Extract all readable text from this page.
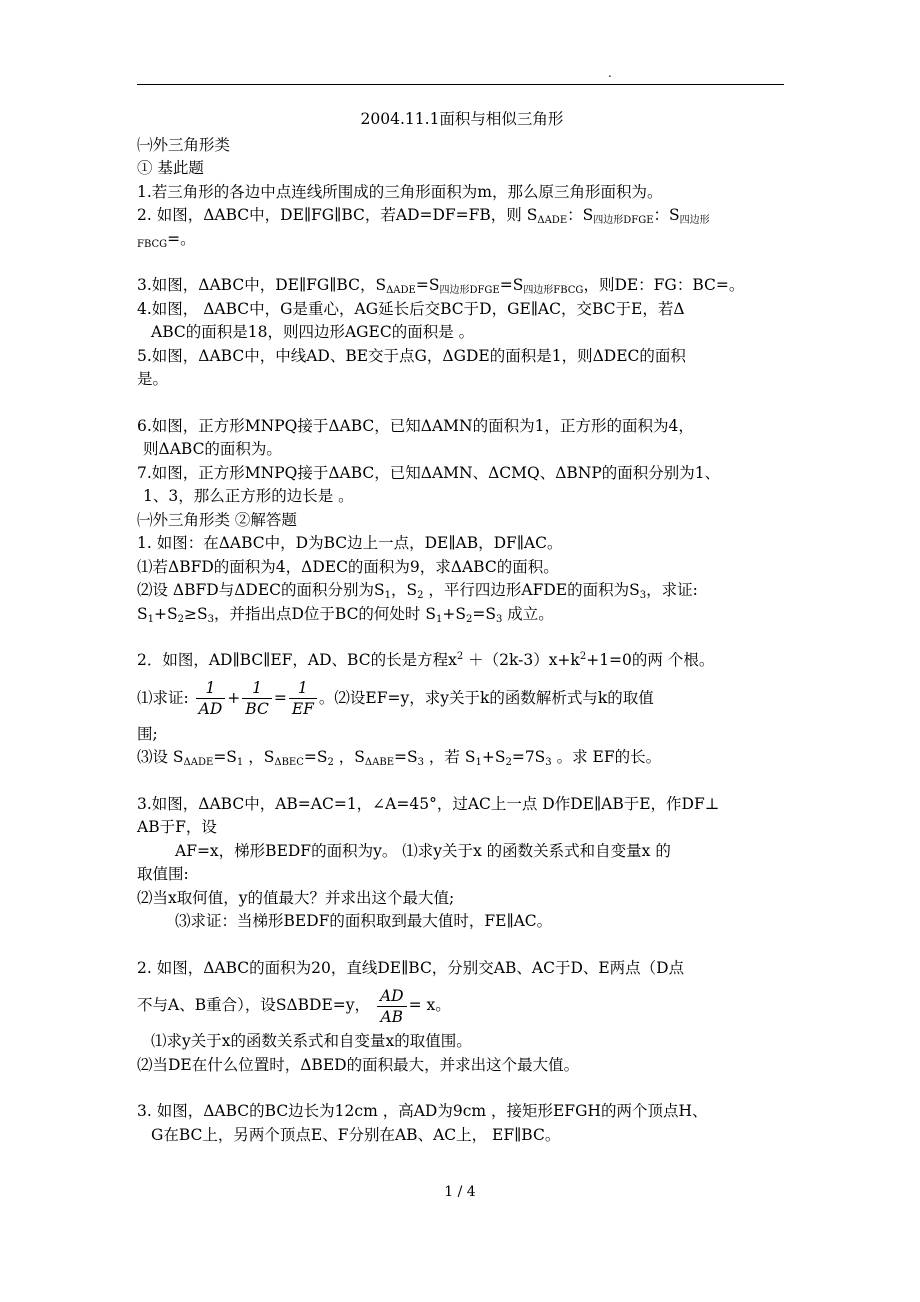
.
2004.11.1面积与相似三角形
㈠外三角形类
① 基此题
1.若三角形的各边中点连线所围成的三角形面积为m，那么原三角形面积为。
2. 如图，ΔABC中，DE∥FG∥BC，若AD=DF=FB，则 $S_{\Delta ADE}$：$S_{四边形DFGE}$：$S_{四边形}$
$_{FBCG}$=。
3.如图，ΔABC中，DE∥FG∥BC，$S_{\Delta ADE}=S_{四边形DFGE}=S_{四边形FBCG}$，则DE：FG：BC=。
4.如图， ΔABC中，G是重心，AG延长后交BC于D，GE∥AC，交BC于E，若Δ
ABC的面积是18，则四边形AGEC的面积是 。
5.如图，ΔABC中，中线AD、BE交于点G，ΔGDE的面积是1，则ΔDEC的面积
是。
6.如图，正方形MNPQ接于ΔABC，已知ΔAMN的面积为1，正方形的面积为4，
则ΔABC的面积为。
7.如图，正方形MNPQ接于ΔABC，已知ΔAMN、ΔCMQ、ΔBNP的面积分别为1、
1、3，那么正方形的边长是 。
㈠外三角形类 ②解答题
1. 如图：在ΔABC中，D为BC边上一点，DE∥AB，DF∥AC。
⑴若ΔBFD的面积为4，ΔDEC的面积为9，求ΔABC的面积。
⑵设 ΔBFD与ΔDEC的面积分别为$S_1$，$S_2$ ，平行四边形AFDE的面积为$S_3$，求证:
$S_1+S_2\ge S_3$，并指出点D位于BC的何处时 $S_1+S_2=S_3$ 成立。
2．如图，AD∥BC∥EF，AD、BC的长是方程$x^2 +(2k-3)x+k^2+1=0$的两 个根。
⑴求证: $\frac{1}{AD} + \frac{1}{BC} = \frac{1}{EF}$ 。⑵设EF=y，求y关于k的函数解析式与k的取值
围;
⑶设 $S_{\Delta ADE}=S_1$ ，$S_{\Delta BEC}=S_2$ ，$S_{\Delta ABE}=S_3$ ，若 $S_1+S_2=7S_3$ 。求 EF的长。
3.如图，ΔABC中，AB=AC=1，∠A=45°，过AC上一点 D作DE∥AB于E，作DF⊥
AB于F，设
AF=x，梯形BEDF的面积为y。 ⑴求y关于x 的函数关系式和自变量x 的
取值围:
⑵当x取何值，y的值最大？并求出这个最大值;
⑶求证：当梯形BEDF的面积取到最大值时，FE∥AC。
2. 如图，ΔABC的面积为20，直线DE∥BC，分别交AB、AC于D、E两点（D点
不与A、B重合），设SΔBDE=y， $\frac{AD}{AB} = x$。
⑴求y关于x的函数关系式和自变量x的取值围。
⑵当DE在什么位置时，ΔBED的面积最大，并求出这个最大值。
3. 如图，ΔABC的BC边长为12cm ，高AD为9cm ，接矩形EFGH的两个顶点H、
G在BC上，另两个顶点E、F分别在AB、AC上， EF∥BC。
1 / 4
